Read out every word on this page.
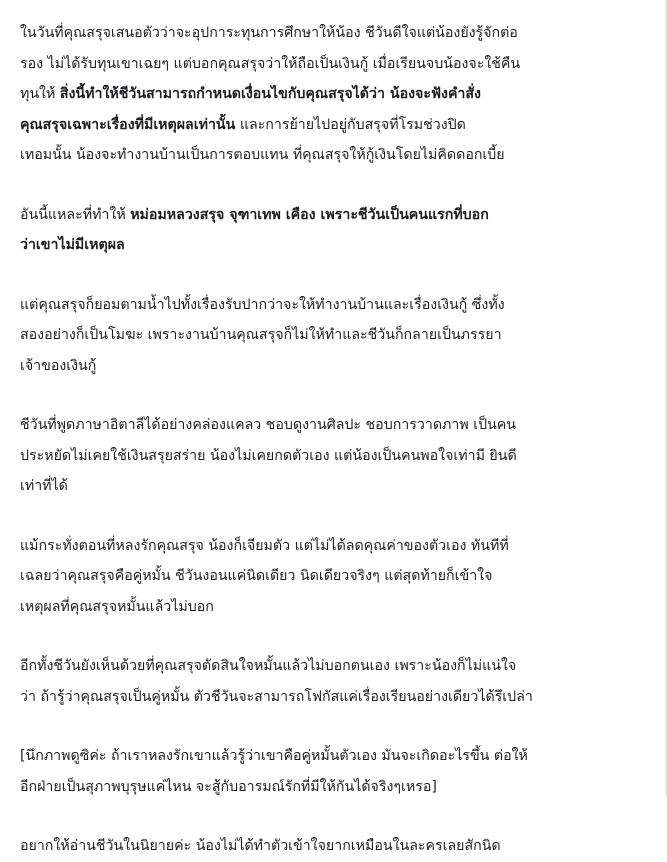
ในวันที่คุณสรุจเสนอตัวว่าจะอุปการะทุนการศึกษาให้น้อง ชีวันดีใจแต่น้องยังรู้จักต่อ
รอง ไม่ได้รับทุนเขาเฉยๆ แต่บอกคุณสรุจว่าให้ถือเป็นเงินกู้ เมื่อเรียนจบน้องจะใช้คืน
ทุนให้ สิ่งนี้ทำให้ชีวันสามารถกำหนดเงื่อนไขกับคุณสรุจได้ว่า น้องจะฟังคำสั่ง
คุณสรุจเฉพาะเรื่องที่มีเหตุผลเท่านั้น และการย้ายไปอยู่กับสรุจที่โรมช่วงปิด
เทอมนั้น น้องจะทำงานบ้านเป็นการตอบแทน ที่คุณสรุจให้กู้เงินโดยไม่คิดดอกเบี้ย

อันนี้แหละที่ทำให้ หม่อมหลวงสรุจ จุฑาเทพ เคือง เพราะชีวันเป็นคนแรกที่บอก
ว่าเขาไม่มีเหตุผล

แต่คุณสรุจก็ยอมตามน้ำไปทั้งเรื่องรับปากว่าจะให้ทำงานบ้านและเรื่องเงินกู้ ซึ่งทั้ง
สองอย่างก็เป็นโมฆะ เพราะงานบ้านคุณสรุจก็ไม่ให้ทำและชีวันก็กลายเป็นภรรยา
เจ้าของเงินกู้

ชีวันที่พูดภาษาอิตาลีได้อย่างคล่องแคลว ชอบดูงานศิลปะ ชอบการวาดภาพ เป็นคน
ประหยัดไม่เคยใช้เงินสรุยสร่าย น้องไม่เคยกดตัวเอง แต่น้องเป็นคนพอใจเท่ามี ยินดี
เท่าที่ได้

แม้กระทั่งตอนที่หลงรักคุณสรุจ น้องก็เจียมตัว แต่ไม่ได้ลดคุณค่าของตัวเอง ทันทีที่
เฉลยว่าคุณสรุจคือคู่หมั้น ชีวันงอนแค่นิดเดียว นิดเดียวจริงๆ แต่สุดท้ายก็เข้าใจ
เหตุผลที่คุณสรุจหมั้นแล้วไม่บอก

อีกทั้งชีวันยังเห็นด้วยที่คุณสรุจตัดสินใจหมั้นแล้วไม่บอกตนเอง เพราะน้องก็ไม่แน่ใจ
ว่า ถ้ารู้ว่าคุณสรุจเป็นคู่หมั้น ตัวชีวันจะสามารถโฟกัสแค่เรื่องเรียนอย่างเดียวได้รึเปล่า

[นึกภาพดูซิค่ะ ถ้าเราหลงรักเขาแล้วรู้ว่าเขาคือคู่หมั้นตัวเอง มันจะเกิดอะไรขึ้น ต่อให้
อีกฝ่ายเป็นสุภาพบุรุษแค่ไหน จะสู้กับอารมณ์รักที่มีให้กันได้จริงๆเหรอ]

อยากให้อ่านชีวันในนิยายค่ะ น้องไม่ได้ทำตัวเข้าใจยากเหมือนในละครเลยสักนิด
